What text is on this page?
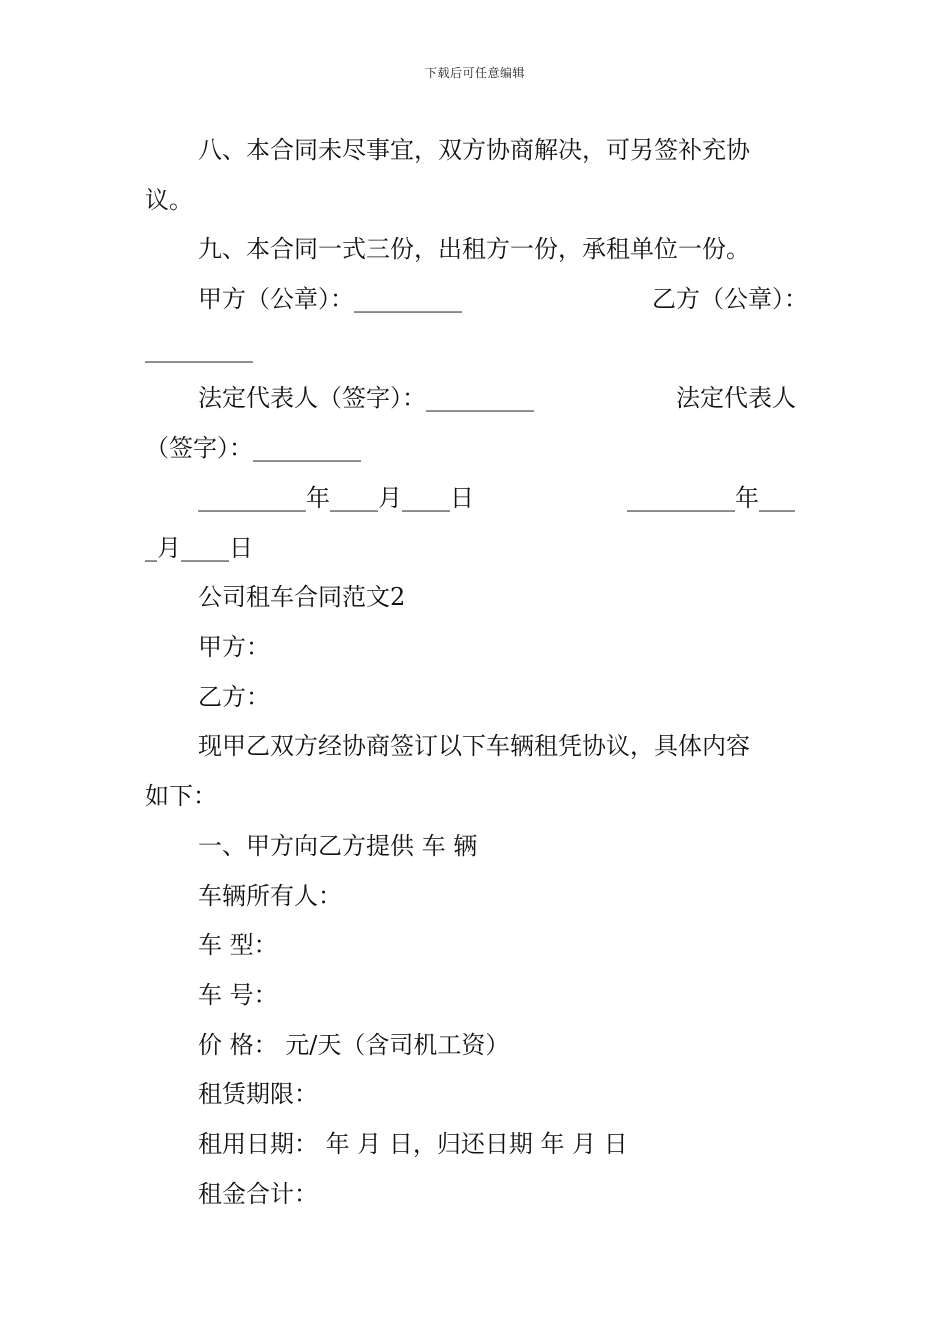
下载后可任意编辑
八、本合同未尽事宜，双方协商解决，可另签补充协
议。
九、本合同一式三份，出租方一份，承租单位一份。
甲方（公章）：_________	乙方（公章）：
_________
法定代表人（签字）：_________	法定代表人
（签字）：_________
_________年____月____日	_________年___
_月____日
公司租车合同范文2
甲方：
乙方：
现甲乙双方经协商签订以下车辆租凭协议，具体内容
如下：
一、甲方向乙方提供 车 辆
车辆所有人：
车 型：
车 号：
价 格： 元/天（含司机工资）
租赁期限：
租用日期： 年 月 日，归还日期 年 月 日
租金合计：
